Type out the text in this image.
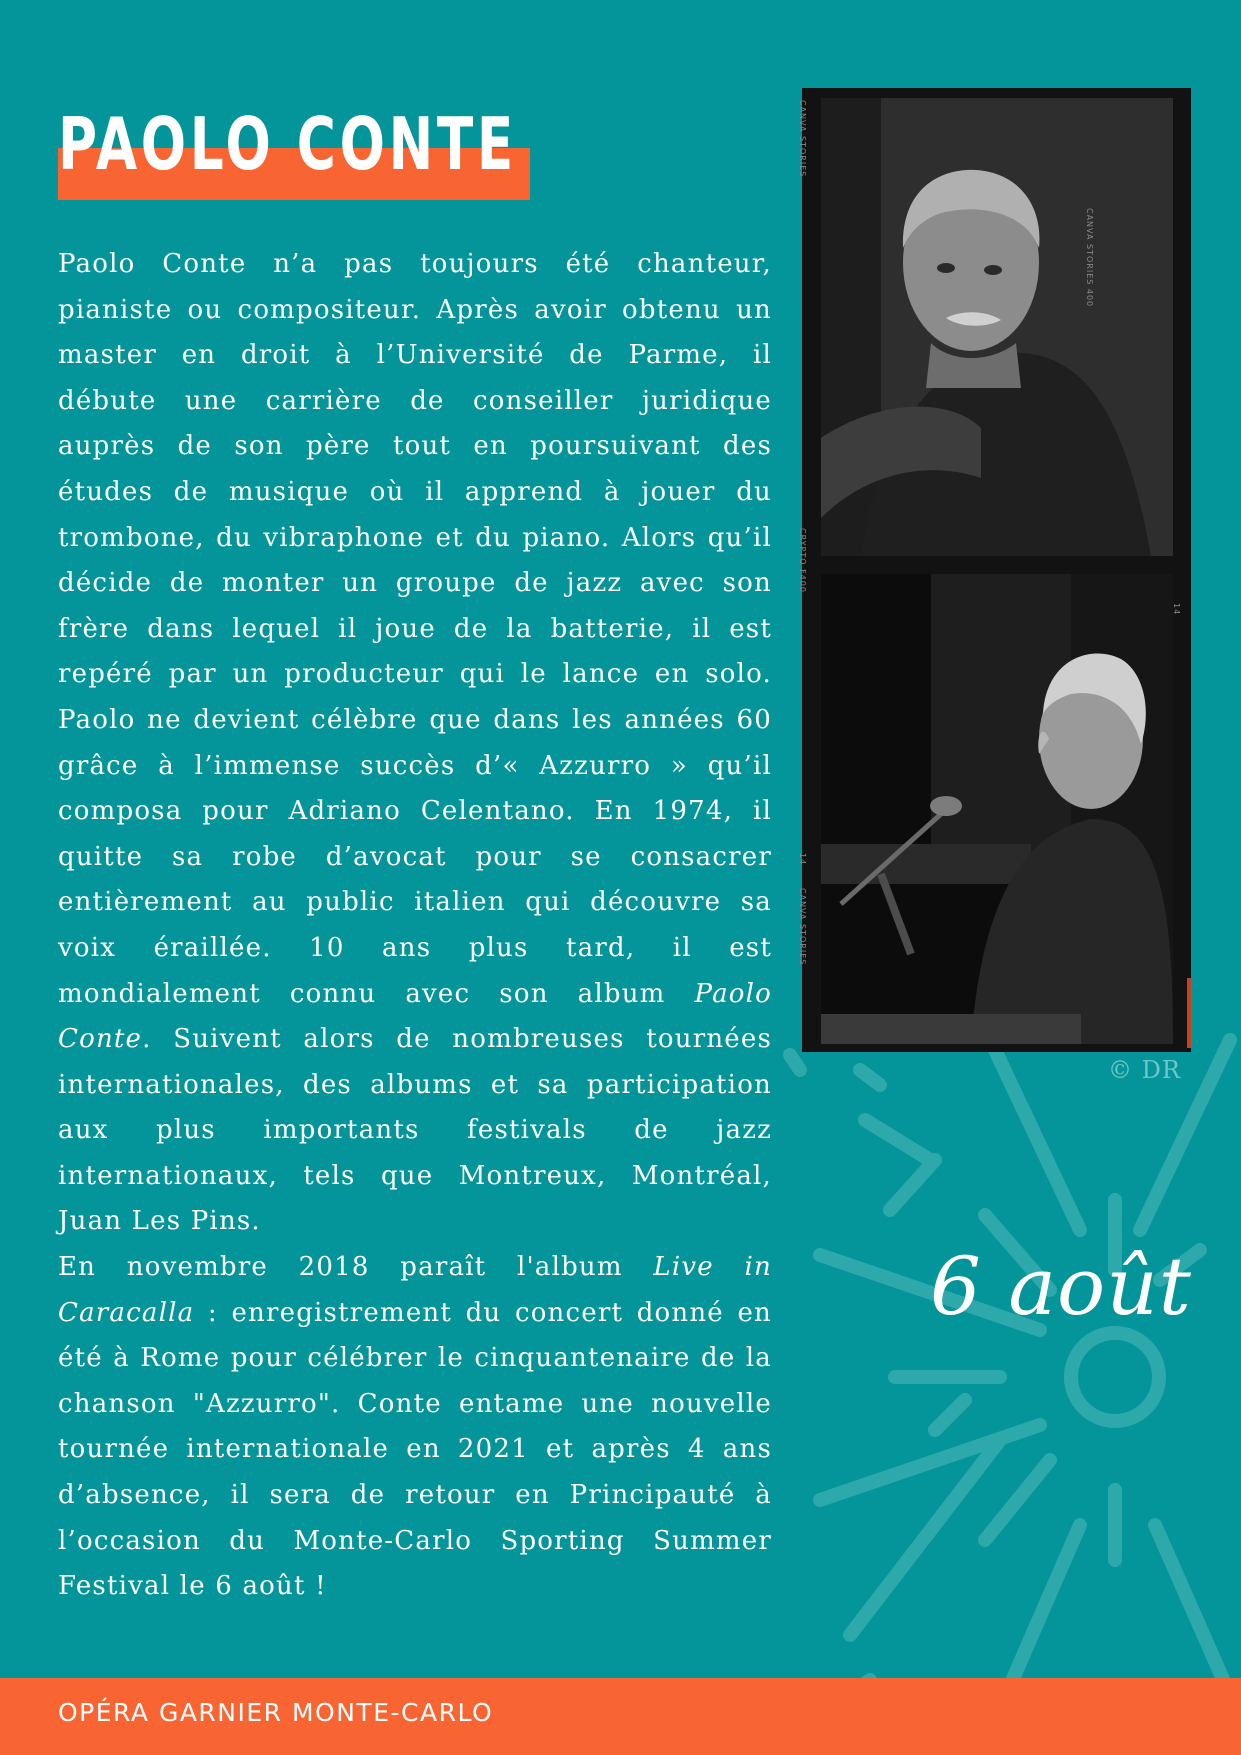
PAOLO CONTE

Paolo Conte n’a pas toujours été chanteur, pianiste ou compositeur. Après avoir obtenu un master en droit à l’Université de Parme, il débute une carrière de conseiller juridique auprès de son père tout en poursuivant des études de musique où il apprend à jouer du trombone, du vibraphone et du piano. Alors qu’il décide de monter un groupe de jazz avec son frère dans lequel il joue de la batterie, il est repéré par un producteur qui le lance en solo. Paolo ne devient célèbre que dans les années 60 grâce à l’immense succès d’« Azzurro » qu’il composa pour Adriano Celentano. En 1974, il quitte sa robe d’avocat pour se consacrer entièrement au public italien qui découvre sa voix éraillée. 10 ans plus tard, il est mondialement connu avec son album Paolo Conte. Suivent alors de nombreuses tournées internationales, des albums et sa participation aux plus importants festivals de jazz internationaux, tels que Montreux, Montréal, Juan Les Pins.

En novembre 2018 paraît l'album Live in Caracalla : enregistrement du concert donné en été à Rome pour célébrer le cinquantenaire de la chanson "Azzurro". Conte entame une nouvelle tournée internationale en 2021 et après 4 ans d’absence, il sera de retour en Principauté à l’occasion du Monte-Carlo Sporting Summer Festival le 6 août !

CANVA STORIES
CANVA STORIES 400
CRYPTO F400
14
14
CANVA STORIES
© DR
6 août
OPÉRA GARNIER MONTE-CARLO
